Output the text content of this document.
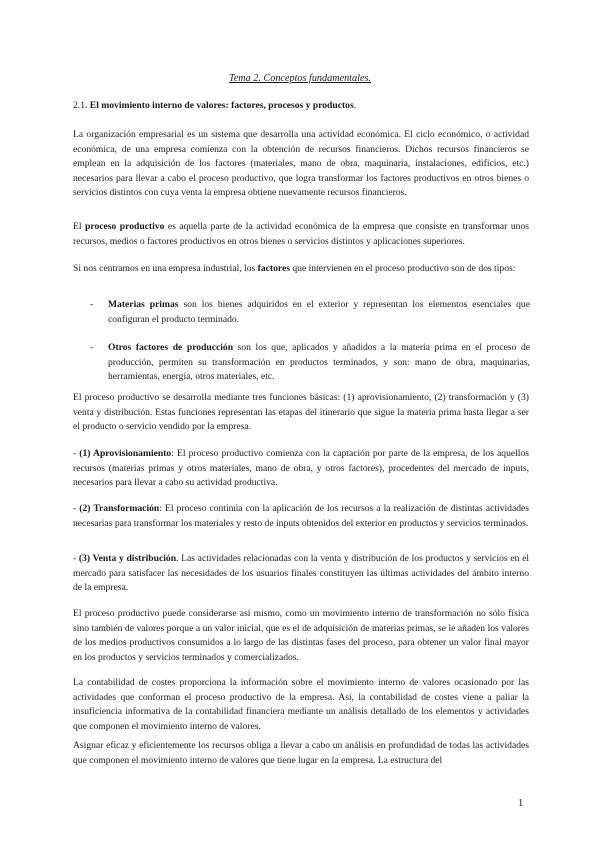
Tema 2. Conceptos fundamentales.

2.1. El movimiento interno de valores: factores, procesos y productos.

La organización empresarial es un sistema que desarrolla una actividad económica. El ciclo económico, o actividad económica, de una empresa comienza con la obtención de recursos financieros. Dichos recursos financieros se emplean en la adquisición de los factores (materiales, mano de obra, maquinaria, instalaciones, edificios, etc.) necesarios para llevar a cabo el proceso productivo, que logra transformar los factores productivos en otros bienes o servicios distintos con cuya venta la empresa obtiene nuevamente recursos financieros.

El proceso productivo es aquella parte de la actividad económica de la empresa que consiste en transformar unos recursos, medios o factores productivos en otros bienes o servicios distintos y aplicaciones superiores.

Si nos centramos en una empresa industrial, los factores que intervienen en el proceso productivo son de dos tipos:

-	Materias primas son los bienes adquiridos en el exterior y representan los elementos esenciales que configuran el producto terminado.

-	Otros factores de producción son los que, aplicados y añadidos a la materia prima en el proceso de producción, permiten su transformación en productos terminados, y son: mano de obra, maquinarias, herramientas, energía, otros materiales, etc.

El proceso productivo se desarrolla mediante tres funciones básicas: (1) aprovisionamiento, (2) transformación y (3) venta y distribución. Estas funciones representan las etapas del itinerario que sigue la materia prima hasta llegar a ser el producto o servicio vendido por la empresa.

- (1) Aprovisionamiento: El proceso productivo comienza con la captación por parte de la empresa, de los aquellos recursos (materias primas y otros materiales, mano de obra, y otros factores), procedentes del mercado de inputs, necesarios para llevar a cabo su actividad productiva.

- (2) Transformación: El proceso continúa con la aplicación de los recursos a la realización de distintas actividades necesarias para transformar los materiales y resto de inputs obtenidos del exterior en productos y servicios terminados.

- (3) Venta y distribución. Las actividades relacionadas con la venta y distribución de los productos y servicios en el mercado para satisfacer las necesidades de los usuarios finales constituyen las últimas actividades del ámbito interno de la empresa.

El proceso productivo puede considerarse así mismo, como un movimiento interno de transformación no sólo física sino también de valores porque a un valor inicial, que es el de adquisición de materias primas, se le añaden los valores de los medios productivos consumidos a lo largo de las distintas fases del proceso, para obtener un valor final mayor en los productos y servicios terminados y comercializados.

La contabilidad de costes proporciona la información sobre el movimiento interno de valores ocasionado por las actividades que conforman el proceso productivo de la empresa. Así, la contabilidad de costes viene a paliar la insuficiencia informativa de la contabilidad financiera mediante un análisis detallado de los elementos y actividades que componen el movimiento interno de valores.

Asignar eficaz y eficientemente los recursos obliga a llevar a cabo un análisis en profundidad de todas las actividades que componen el movimiento interno de valores que tiene lugar en la empresa. La estructura del

1
